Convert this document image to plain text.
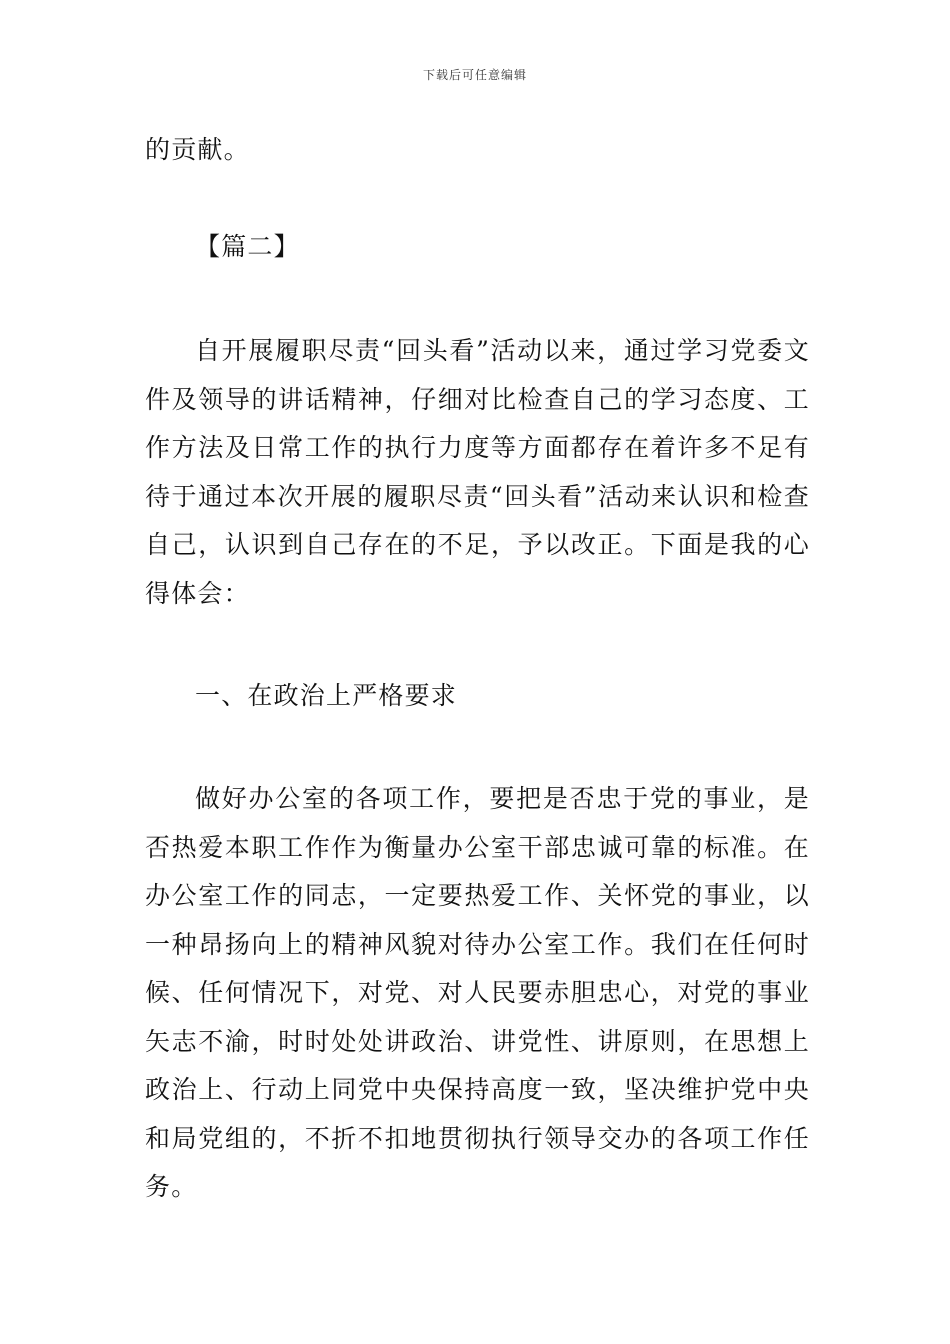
下载后可任意编辑

的贡献。

【篇二】

自开展履职尽责“回头看”活动以来，通过学习党委文件及领导的讲话精神，仔细对比检查自己的学习态度、工作方法及日常工作的执行力度等方面都存在着许多不足有待于通过本次开展的履职尽责“回头看”活动来认识和检查自己，认识到自己存在的不足，予以改正。下面是我的心得体会：

一、在政治上严格要求

做好办公室的各项工作，要把是否忠于党的事业，是否热爱本职工作作为衡量办公室干部忠诚可靠的标准。在办公室工作的同志，一定要热爱工作、关怀党的事业，以一种昂扬向上的精神风貌对待办公室工作。我们在任何时候、任何情况下，对党、对人民要赤胆忠心，对党的事业矢志不渝，时时处处讲政治、讲党性、讲原则，在思想上政治上、行动上同党中央保持高度一致，坚决维护党中央和局党组的，不折不扣地贯彻执行领导交办的各项工作任务。
